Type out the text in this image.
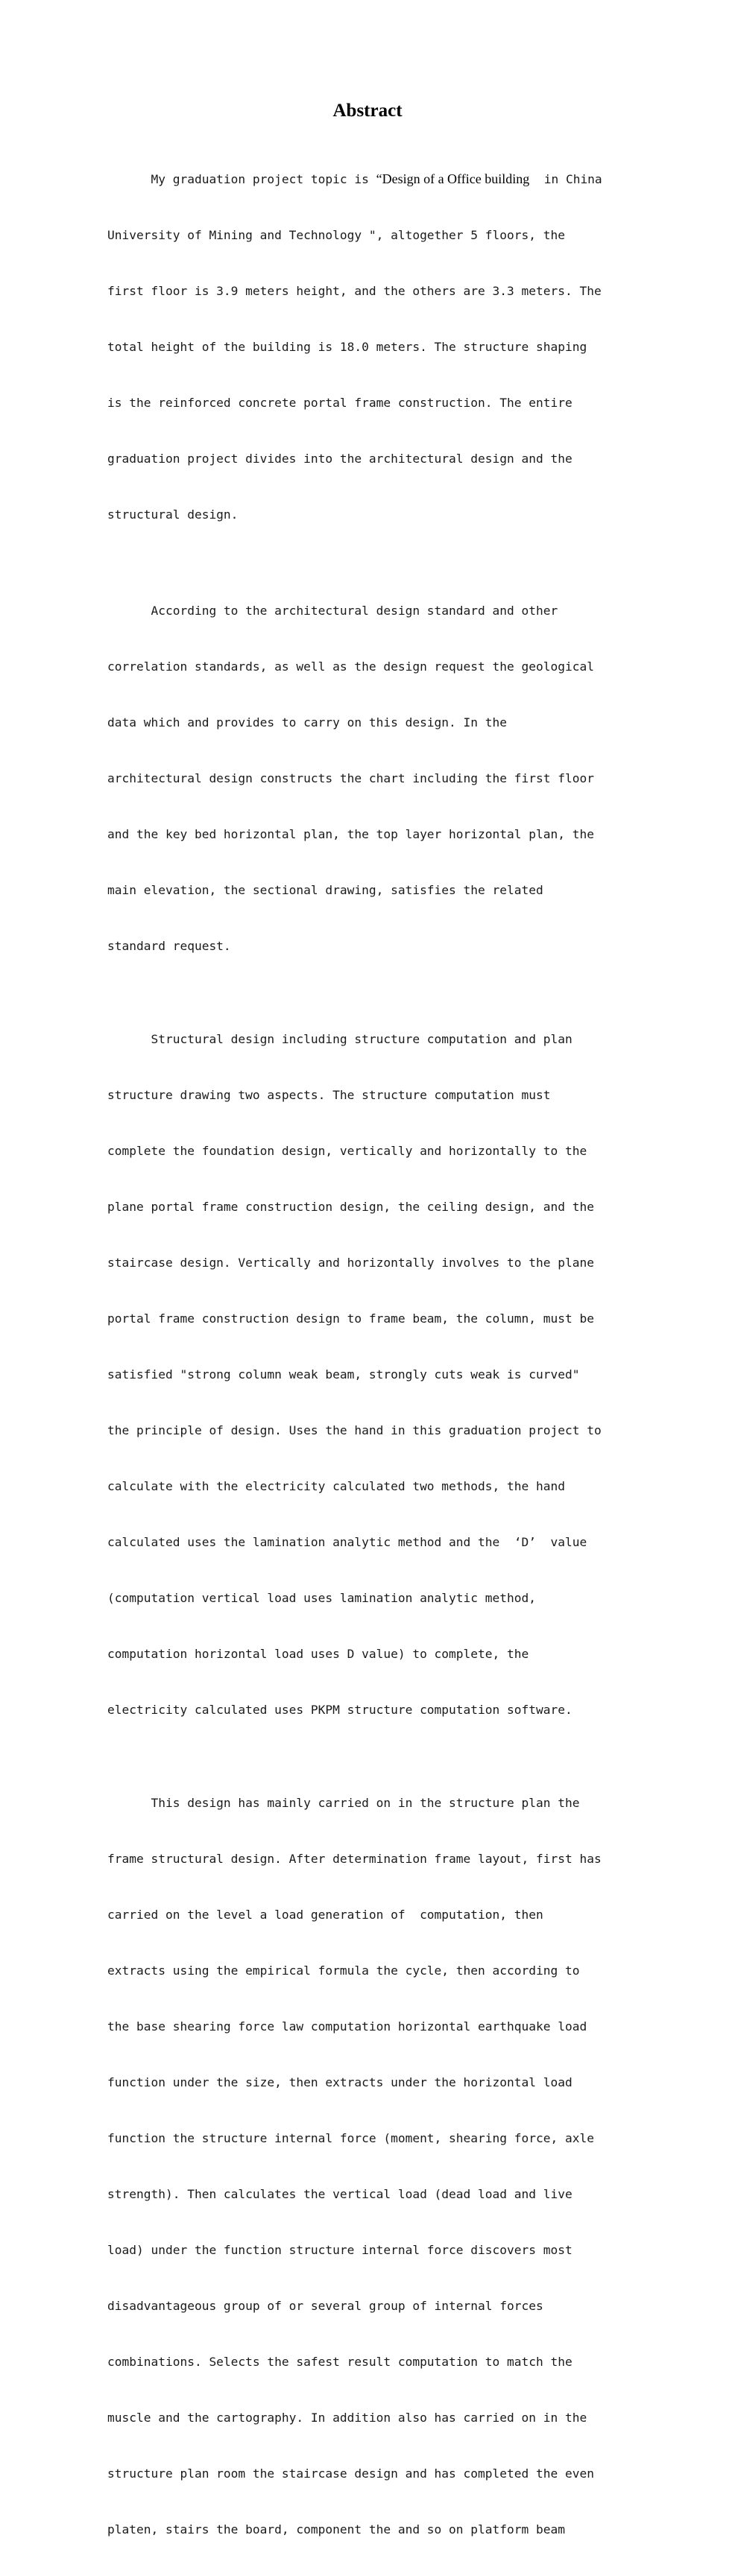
Abstract

My graduation project topic is “Design of a Office building  in China

University of Mining and Technology ", altogether 5 floors, the

first floor is 3.9 meters height, and the others are 3.3 meters. The

total height of the building is 18.0 meters. The structure shaping

is the reinforced concrete portal frame construction. The entire

graduation project divides into the architectural design and the

structural design.

According to the architectural design standard and other

correlation standards, as well as the design request the geological

data which and provides to carry on this design. In the

architectural design constructs the chart including the first floor

and the key bed horizontal plan, the top layer horizontal plan, the

main elevation, the sectional drawing, satisfies the related

standard request.

Structural design including structure computation and plan

structure drawing two aspects. The structure computation must

complete the foundation design, vertically and horizontally to the

plane portal frame construction design, the ceiling design, and the

staircase design. Vertically and horizontally involves to the plane

portal frame construction design to frame beam, the column, must be

satisfied "strong column weak beam, strongly cuts weak is curved"

the principle of design. Uses the hand in this graduation project to

calculate with the electricity calculated two methods, the hand

calculated uses the lamination analytic method and the  ‘D’  value

(computation vertical load uses lamination analytic method,

computation horizontal load uses D value) to complete, the

electricity calculated uses PKPM structure computation software.

This design has mainly carried on in the structure plan the

frame structural design. After determination frame layout, first has

carried on the level a load generation of  computation, then

extracts using the empirical formula the cycle, then according to

the base shearing force law computation horizontal earthquake load

function under the size, then extracts under the horizontal load

function the structure internal force (moment, shearing force, axle

strength). Then calculates the vertical load (dead load and live

load) under the function structure internal force discovers most

disadvantageous group of or several group of internal forces

combinations. Selects the safest result computation to match the

muscle and the cartography. In addition also has carried on in the

structure plan room the staircase design and has completed the even

platen, stairs the board, component the and so on platform beam
